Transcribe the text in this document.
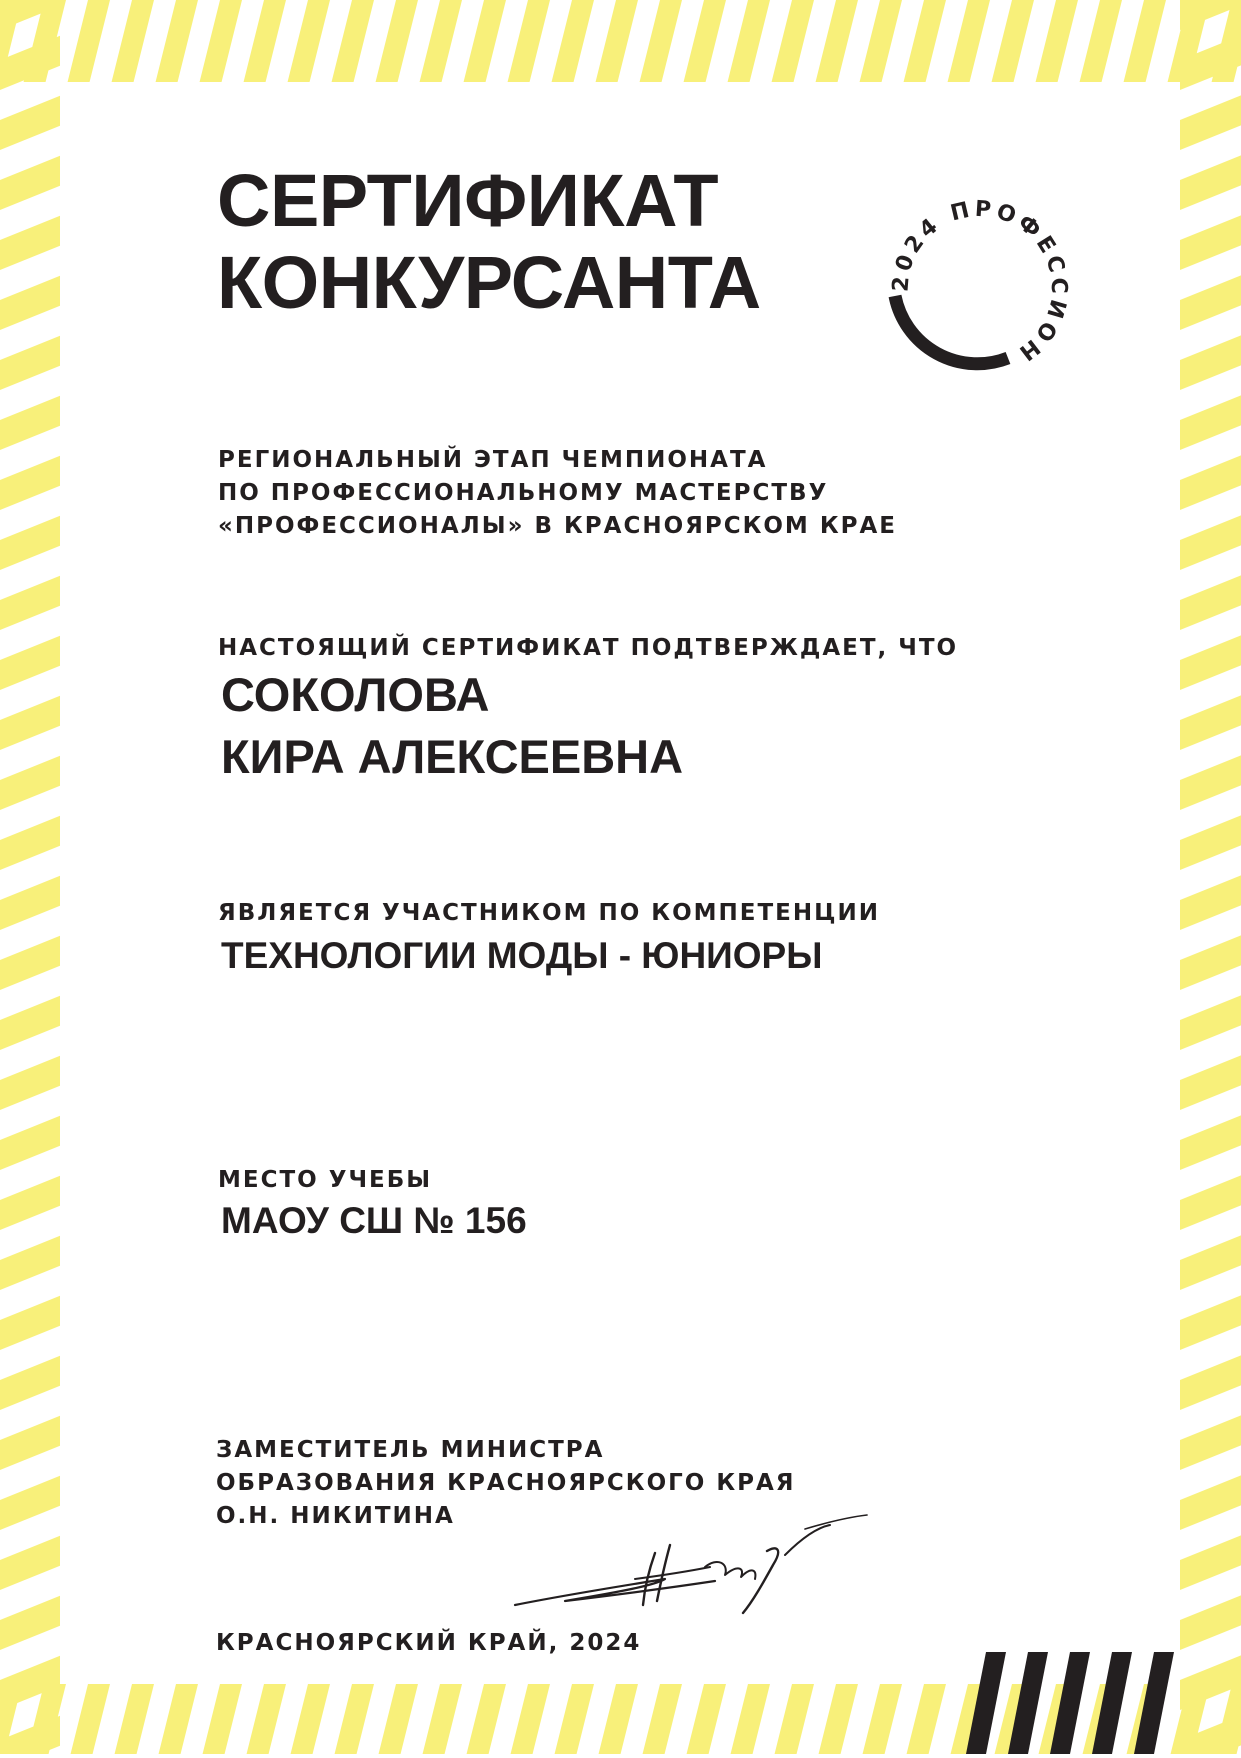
СЕРТИФИКАТ
КОНКУРСАНТА	2024 ПРОФЕССИОН
РЕГИОНАЛЬНЫЙ ЭТАП ЧЕМПИОНАТА
ПО ПРОФЕССИОНАЛЬНОМУ МАСТЕРСТВУ
«ПРОФЕССИОНАЛЫ» В КРАСНОЯРСКОМ КРАЕ
НАСТОЯЩИЙ СЕРТИФИКАТ ПОДТВЕРЖДАЕТ, ЧТО
СОКОЛОВА
КИРА АЛЕКСЕЕВНА
ЯВЛЯЕТСЯ УЧАСТНИКОМ ПО КОМПЕТЕНЦИИ
ТЕХНОЛОГИИ МОДЫ - ЮНИОРЫ
МЕСТО УЧЕБЫ
МАОУ СШ № 156
ЗАМЕСТИТЕЛЬ МИНИСТРА
ОБРАЗОВАНИЯ КРАСНОЯРСКОГО КРАЯ
О.Н. НИКИТИНА
КРАСНОЯРСКИЙ КРАЙ, 2024
